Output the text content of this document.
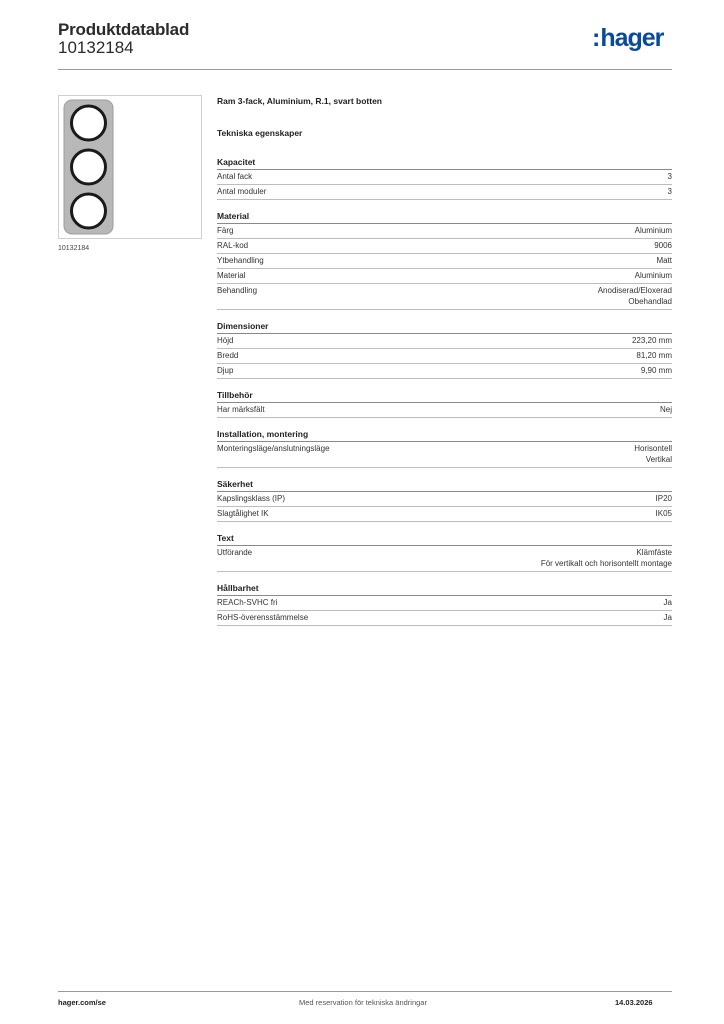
Produktdatablad
10132184	:hager
10132184
Ram 3-fack, Aluminium, R.1, svart botten
Tekniska egenskaper
Kapacitet
Antal fack	3
Antal moduler	3
Material
Färg	Aluminium
RAL-kod	9006
Ytbehandling	Matt
Material	Aluminium
Behandling	Anodiserad/Eloxerad
Obehandlad
Dimensioner
Höjd	223,20 mm
Bredd	81,20 mm
Djup	9,90 mm
Tillbehör
Har märksfält	Nej
Installation, montering
Monteringsläge/anslutningsläge	Horisontell
Vertikal
Säkerhet
Kapslingsklass (IP)	IP20
Slagtålighet IK	IK05
Text
Utförande	Klämfäste
För vertikalt och horisontellt montage
Hållbarhet
REACh-SVHC fri	Ja
RoHS-överensstämmelse	Ja
hager.com/se	Med reservation för tekniska ändringar	14.03.2026
